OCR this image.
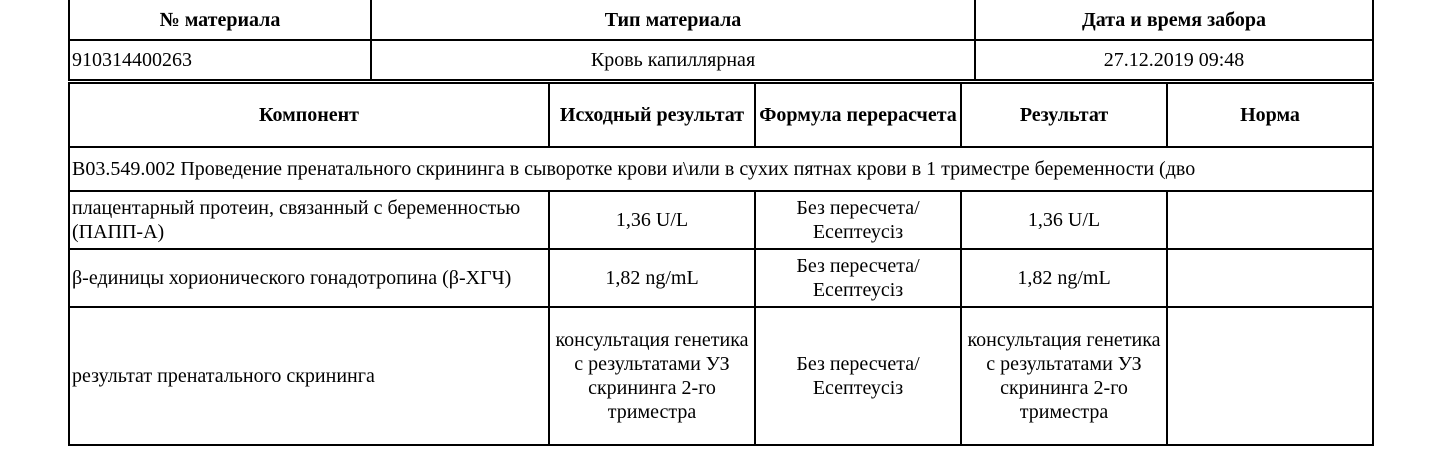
№ материала	Тип материала	Дата и время забора
910314400263	Кровь капиллярная	27.12.2019 09:48
Компонент	Исходный результат	Формула перерасчета	Результат	Норма
B03.549.002 Проведение пренатального скрининга в сыворотке крови и\или в сухих пятнах крови в 1 триместре беременности (дво				
плацентарный протеин, связанный с беременностью (ПАПП-А)	1,36 U/L	Без пересчета/ Есептеусіз	1,36 U/L	
β-единицы хорионического гонадотропина (β-ХГЧ)	1,82 ng/mL	Без пересчета/ Есептеусіз	1,82 ng/mL	
результат пренатального скрининга	консультация генетика с результатами УЗ скрининга 2-го триместра	Без пересчета/ Есептеусіз	консультация генетика с результатами УЗ скрининга 2-го триместра	
